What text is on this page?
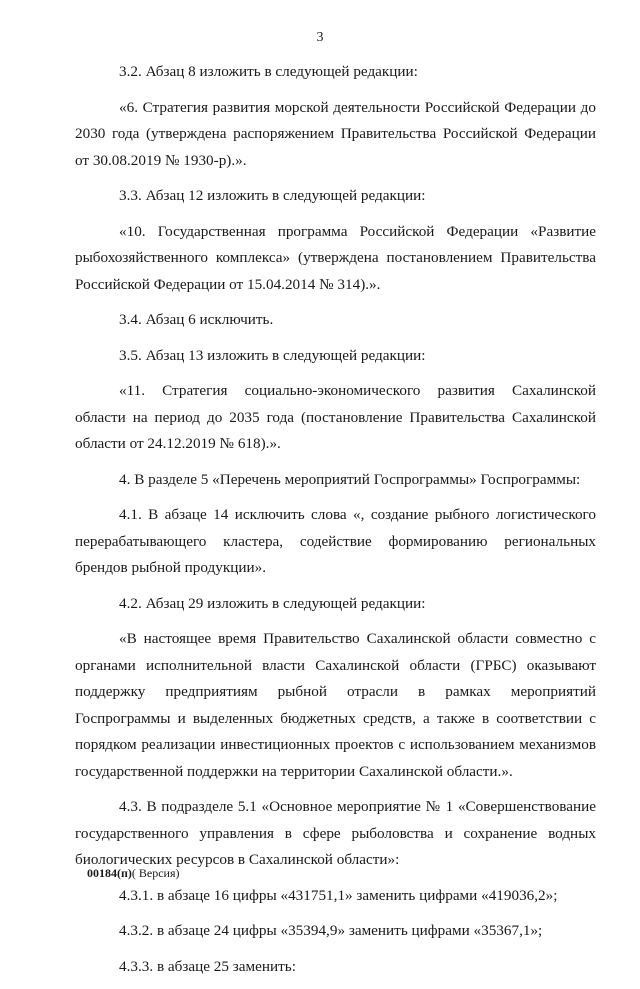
3

3.2. Абзац 8 изложить в следующей редакции:

«6. Стратегия развития морской деятельности Российской Федерации до 2030 года (утверждена распоряжением Правительства Российской Федерации от 30.08.2019 № 1930-р).».

3.3. Абзац 12 изложить в следующей редакции:

«10. Государственная программа Российской Федерации «Развитие рыбохозяйственного комплекса» (утверждена постановлением Правительства Российской Федерации от 15.04.2014 № 314).».

3.4. Абзац 6 исключить.

3.5. Абзац 13 изложить в следующей редакции:

«11. Стратегия социально-экономического развития Сахалинской области на период до 2035 года (постановление Правительства Сахалинской области от 24.12.2019 № 618).».

4. В разделе 5 «Перечень мероприятий Госпрограммы» Госпрограммы:

4.1. В абзаце 14 исключить слова «, создание рыбного логистического перерабатывающего кластера, содействие формированию региональных брендов рыбной продукции».

4.2. Абзац 29 изложить в следующей редакции:

«В настоящее время Правительство Сахалинской области совместно с органами исполнительной власти Сахалинской области (ГРБС) оказывают поддержку предприятиям рыбной отрасли в рамках мероприятий Госпрограммы и выделенных бюджетных средств, а также в соответствии с порядком реализации инвестиционных проектов с использованием механизмов государственной поддержки на территории Сахалинской области.».

4.3. В подразделе 5.1 «Основное мероприятие № 1 «Совершенствование государственного управления в сфере рыболовства и сохранение водных биологических ресурсов в Сахалинской области»:

4.3.1. в абзаце 16 цифры «431751,1» заменить цифрами «419036,2»;

4.3.2. в абзаце 24 цифры «35394,9» заменить цифрами «35367,1»;

4.3.3. в абзаце 25 заменить:

00184(п)( Версия)
